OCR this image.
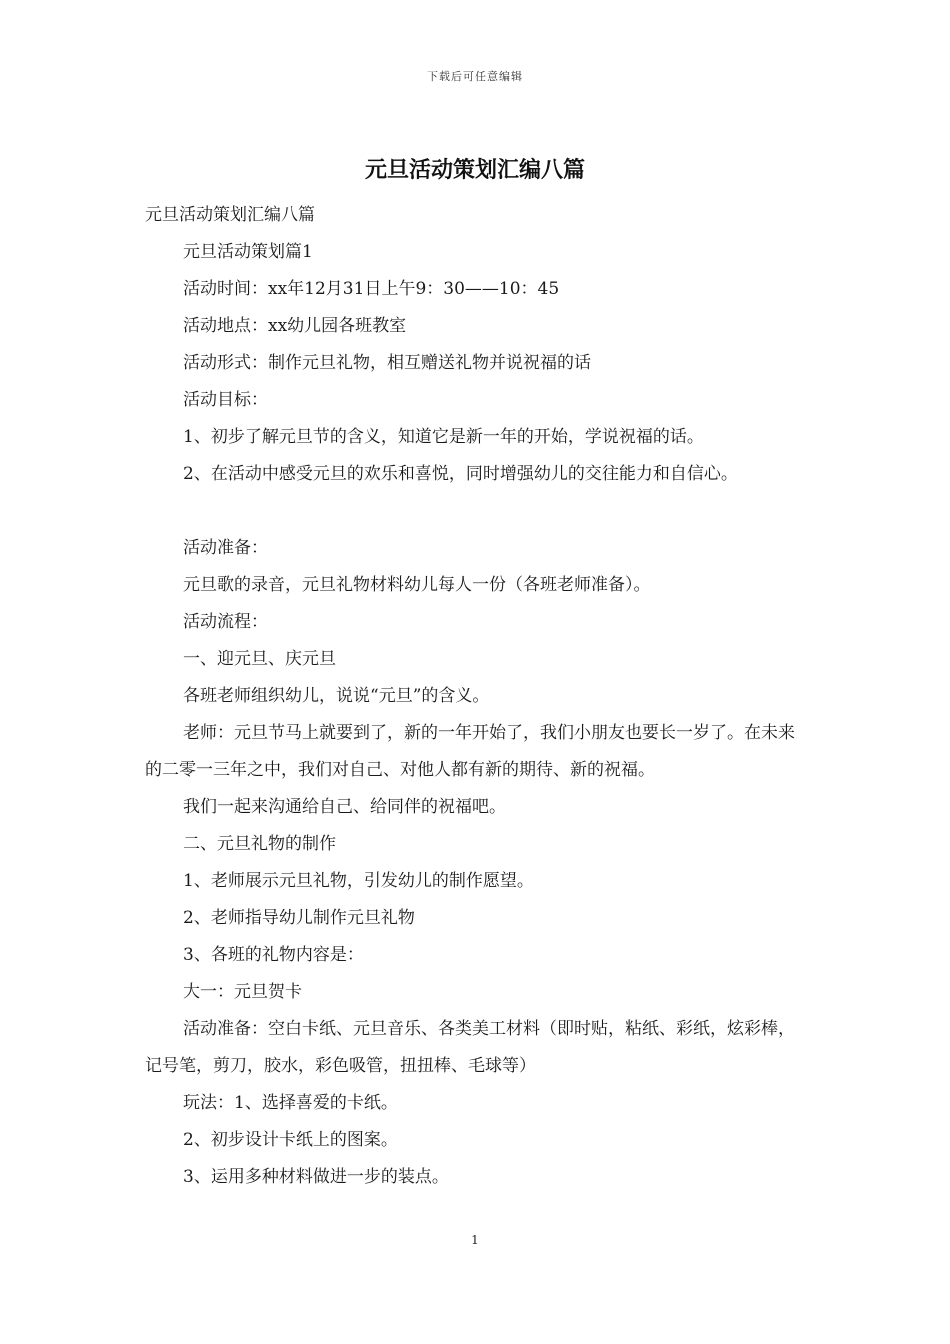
下载后可任意编辑
元旦活动策划汇编八篇
元旦活动策划汇编八篇
元旦活动策划篇1
活动时间：xx年12月31日上午9：30——10：45
活动地点：xx幼儿园各班教室
活动形式：制作元旦礼物，相互赠送礼物并说祝福的话
活动目标：
1、初步了解元旦节的含义，知道它是新一年的开始，学说祝福的话。
2、在活动中感受元旦的欢乐和喜悦，同时增强幼儿的交往能力和自信心。
活动准备：
元旦歌的录音，元旦礼物材料幼儿每人一份（各班老师准备）。
活动流程：
一、迎元旦、庆元旦
各班老师组织幼儿，说说“元旦”的含义。
老师：元旦节马上就要到了，新的一年开始了，我们小朋友也要长一岁了。在未来的二零一三年之中，我们对自己、对他人都有新的期待、新的祝福。
我们一起来沟通给自己、给同伴的祝福吧。
二、元旦礼物的制作
1、老师展示元旦礼物，引发幼儿的制作愿望。
2、老师指导幼儿制作元旦礼物
3、各班的礼物内容是：
大一：元旦贺卡
活动准备：空白卡纸、元旦音乐、各类美工材料（即时贴，粘纸、彩纸，炫彩棒，记号笔，剪刀，胶水，彩色吸管，扭扭棒、毛球等）
玩法：1、选择喜爱的卡纸。
2、初步设计卡纸上的图案。
3、运用多种材料做进一步的装点。
1
